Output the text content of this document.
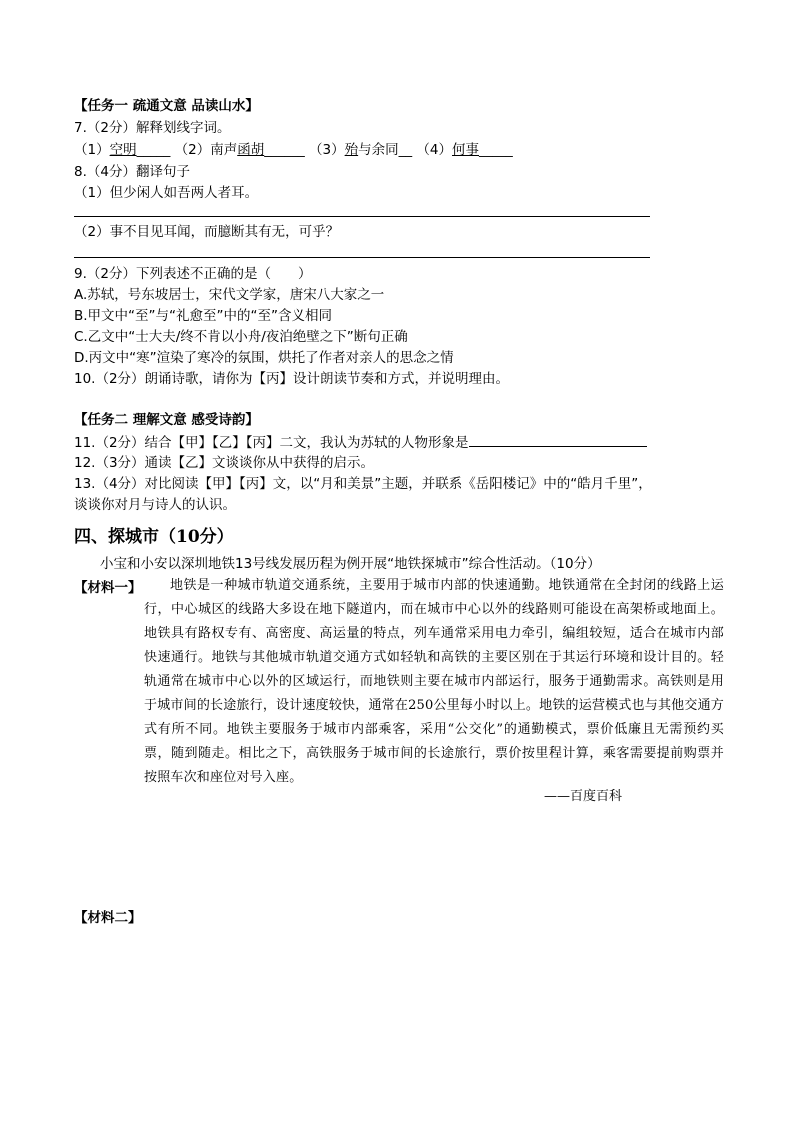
【任务一 疏通文意 品读山水】
7.（2分）解释划线字词。
（1）空明_____ （2）南声函胡______ （3）殆与余同__ （4）何事_____
8.（4分）翻译句子
（1）但少闲人如吾两人者耳。
（2）事不目见耳闻，而臆断其有无，可乎？
9.（2分）下列表述不正确的是（　　）
A.苏轼，号东坡居士，宋代文学家，唐宋八大家之一
B.甲文中“至”与“礼愈至”中的“至”含义相同
C.乙文中“士大夫/终不肯以小舟/夜泊绝壁之下”断句正确
D.丙文中“寒”渲染了寒冷的氛围，烘托了作者对亲人的思念之情
10.（2分）朗诵诗歌，请你为【丙】设计朗读节奏和方式，并说明理由。
【任务二 理解文意 感受诗韵】
11.（2分）结合【甲】【乙】【丙】二文，我认为苏轼的人物形象是
12.（3分）通读【乙】文谈谈你从中获得的启示。
13.（4分）对比阅读【甲】【丙】文，以“月和美景”主题，并联系《岳阳楼记》中的“皓月千里”，
谈谈你对月与诗人的认识。
四、探城市（10分）
小宝和小安以深圳地铁13号线发展历程为例开展“地铁探城市”综合性活动。（10分）
【材料一】	地铁是一种城市轨道交通系统，主要用于城市内部的快速通勤。地铁通常在全封闭的线路上运行，中心城区的线路大多设在地下隧道内，而在城市中心以外的线路则可能设在高架桥或地面上。地铁具有路权专有、高密度、高运量的特点，列车通常采用电力牵引，编组较短，适合在城市内部快速通行。地铁与其他城市轨道交通方式如轻轨和高铁的主要区别在于其运行环境和设计目的。轻轨通常在城市中心以外的区域运行，而地铁则主要在城市内部运行，服务于通勤需求。高铁则是用于城市间的长途旅行，设计速度较快，通常在250公里每小时以上。地铁的运营模式也与其他交通方式有所不同。地铁主要服务于城市内部乘客，采用“公交化”的通勤模式，票价低廉且无需预约买票，随到随走。相比之下，高铁服务于城市间的长途旅行，票价按里程计算，乘客需要提前购票并按照车次和座位对号入座。

——百度百科
【材料二】
